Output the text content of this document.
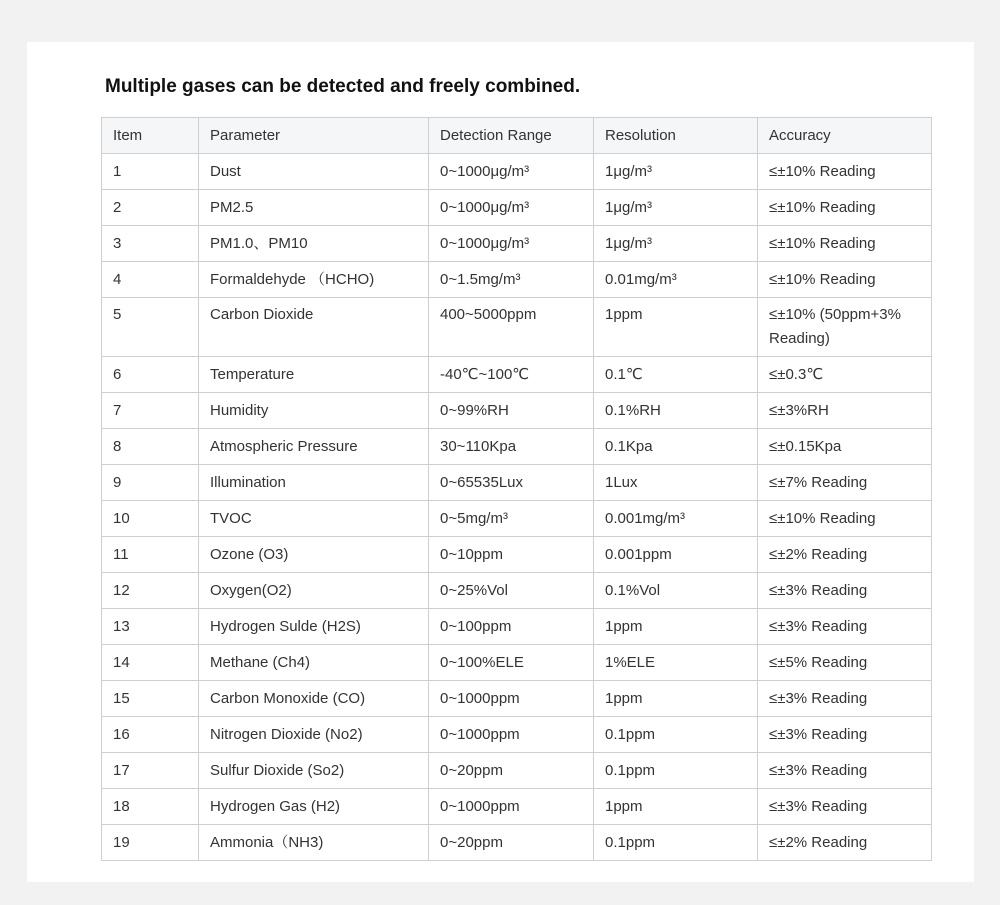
Multiple gases can be detected and freely combined.
Item	Parameter	Detection Range	Resolution	Accuracy
1	Dust	0~1000μg/m³	1μg/m³	≤±10% Reading
2	PM2.5	0~1000μg/m³	1μg/m³	≤±10% Reading
3	PM1.0、PM10	0~1000μg/m³	1μg/m³	≤±10% Reading
4	Formaldehyde （HCHO)	0~1.5mg/m³	0.01mg/m³	≤±10% Reading
5	Carbon Dioxide	400~5000ppm	1ppm	≤±10% (50ppm+3% Reading)
6	Temperature	-40℃~100℃	0.1℃	≤±0.3℃
7	Humidity	0~99%RH	0.1%RH	≤±3%RH
8	Atmospheric Pressure	30~110Kpa	0.1Kpa	≤±0.15Kpa
9	Illumination	0~65535Lux	1Lux	≤±7% Reading
10	TVOC	0~5mg/m³	0.001mg/m³	≤±10% Reading
11	Ozone (O3)	0~10ppm	0.001ppm	≤±2% Reading
12	Oxygen(O2)	0~25%Vol	0.1%Vol	≤±3% Reading
13	Hydrogen Sulde (H2S)	0~100ppm	1ppm	≤±3% Reading
14	Methane (Ch4)	0~100%ELE	1%ELE	≤±5% Reading
15	Carbon Monoxide (CO)	0~1000ppm	1ppm	≤±3% Reading
16	Nitrogen Dioxide (No2)	0~1000ppm	0.1ppm	≤±3% Reading
17	Sulfur Dioxide (So2)	0~20ppm	0.1ppm	≤±3% Reading
18	Hydrogen Gas (H2)	0~1000ppm	1ppm	≤±3% Reading
19	Ammonia（NH3)	0~20ppm	0.1ppm	≤±2% Reading
